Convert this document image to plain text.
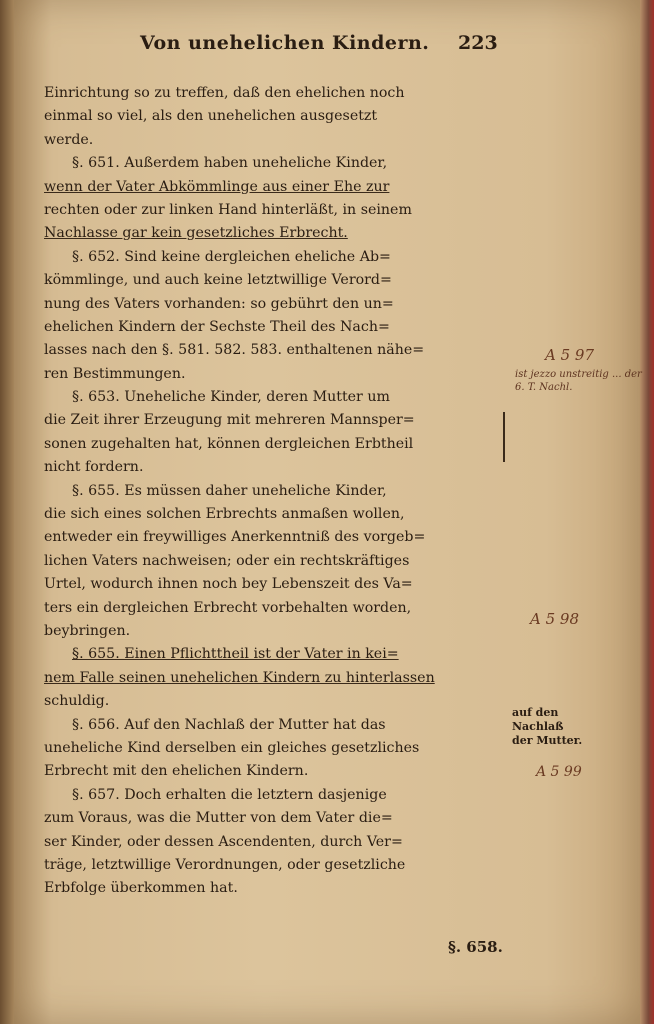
Von unehelichen Kindern. 223
Einrichtung so zu treffen, daß den ehelichen noch
einmal so viel, als den unehelichen ausgesetzt
werde.
§. 651. Außerdem haben uneheliche Kinder,
wenn der Vater Abkömmlinge aus einer Ehe zur
rechten oder zur linken Hand hinterläßt, in seinem
Nachlasse gar kein gesetzliches Erbrecht.
§. 652. Sind keine dergleichen eheliche Ab=
kömmlinge, und auch keine letztwillige Verord=
nung des Vaters vorhanden: so gebührt den un=
ehelichen Kindern der Sechste Theil des Nach=
lasses nach den §. 581. 582. 583. enthaltenen nähe=
ren Bestimmungen.
§. 653. Uneheliche Kinder, deren Mutter um
die Zeit ihrer Erzeugung mit mehreren Mannsper=
sonen zugehalten hat, können dergleichen Erbtheil
nicht fordern.
§. 655. Es müssen daher uneheliche Kinder,
die sich eines solchen Erbrechts anmaßen wollen,
entweder ein freywilliges Anerkenntniß des vorgeb=
lichen Vaters nachweisen; oder ein rechtskräftiges
Urtel, wodurch ihnen noch bey Lebenszeit des Va=
ters ein dergleichen Erbrecht vorbehalten worden,
beybringen.
§. 655. Einen Pflichttheil ist der Vater in kei=
nem Falle seinen unehelichen Kindern zu hinterlassen
schuldig.
§. 656. Auf den Nachlaß der Mutter hat das
uneheliche Kind derselben ein gleiches gesetzliches
Erbrecht mit den ehelichen Kindern.
§. 657. Doch erhalten die letztern dasjenige
zum Voraus, was die Mutter von dem Vater die=
ser Kinder, oder dessen Ascendenten, durch Ver=
träge, letztwillige Verordnungen, oder gesetzliche
Erbfolge überkommen hat.
auf den
Nachlaß
der Mutter.
A 5 97
ist jezzo unstreitig ... der 6. T. Nachl.
A 5 98
A 5 99
§. 658.
